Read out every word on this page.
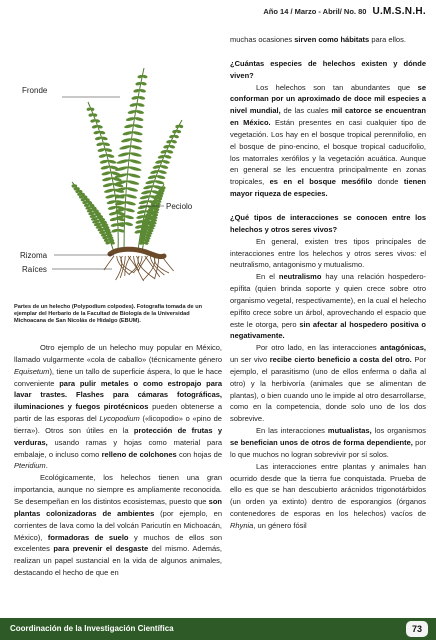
Año 14 / Marzo - Abril/ No. 80 U.M.S.N.H.
Fronde
Peciolo
Rizoma
Raíces
Partes de un helecho (Polypodium colpodes). Fotografía tomada de un ejemplar del Herbario de la Facultad de Biología de la Universidad Michoacana de San Nicolás de Hidalgo (EBUM).

muchas ocasiones sirven como hábitats para ellos.

¿Cuántas especies de helechos existen y dónde viven?

Los helechos son tan abundantes que se conforman por un aproximado de doce mil especies a nivel mundial, de las cuales mil catorce se encuentran en México. Están presentes en casi cualquier tipo de vegetación. Los hay en el bosque tropical perennifolio, en el bosque de pino-encino, el bosque tropical caducifolio, los matorrales xerófilos y la vegetación acuática. Aunque en general se les encuentra principalmente en zonas tropicales, es en el bosque mesófilo donde tienen mayor riqueza de especies.

¿Qué tipos de interacciones se conocen entre los helechos y otros seres vivos?

En general, existen tres tipos principales de interacciones entre los helechos y otros seres vivos: el neutralismo, antagonismo y mutualismo.

En el neutralismo hay una relación hospedero-epífita (quien brinda soporte y quien crece sobre otro organismo vegetal, respectivamente), en la cual el helecho epífito crece sobre un árbol, aprovechando el espacio que este le otorga, pero sin afectar al hospedero positiva o negativamente.

Por otro lado, en las interacciones antagónicas, un ser vivo recibe cierto beneficio a costa del otro. Por ejemplo, el parasitismo (uno de ellos enferma o daña al otro) y la herbivoría (animales que se alimentan de plantas), o bien cuando uno le impide al otro desarrollarse, como en la competencia, donde solo uno de los dos sobrevive.

En las interacciones mutualistas, los organismos se benefician unos de otros de forma dependiente, por lo que muchos no logran sobrevivir por sí solos.

Las interacciones entre plantas y animales han ocurrido desde que la tierra fue conquistada. Prueba de ello es que se han descubierto arácnidos trigonotárbidos (un orden ya extinto) dentro de esporangios (órganos contenedores de esporas en los helechos) vacíos de Rhynia, un género fósil

Otro ejemplo de un helecho muy popular en México, llamado vulgarmente «cola de caballo» (técnicamente género Equisetum), tiene un tallo de superficie áspera, lo que le hace conveniente para pulir metales o como estropajo para lavar trastes. Flashes para cámaras fotográficas, iluminaciones y fuegos pirotécnicos pueden obtenerse a partir de las esporas del Lycopodium («licopodio» o «pino de tierra»). Otros son útiles en la protección de frutas y verduras, usando ramas y hojas como material para embalaje, o incluso como relleno de colchones con hojas de Pteridium.

Ecológicamente, los helechos tienen una gran importancia, aunque no siempre es ampliamente reconocida. Se desempeñan en los distintos ecosistemas, puesto que son plantas colonizadoras de ambientes (por ejemplo, en corrientes de lava como la del volcán Paricutín en Michoacán, México), formadoras de suelo y muchos de ellos son excelentes para prevenir el desgaste del mismo. Además, realizan un papel sustancial en la vida de algunos animales, destacando el hecho de que en

Coordinación de la Investigación Científica	73
